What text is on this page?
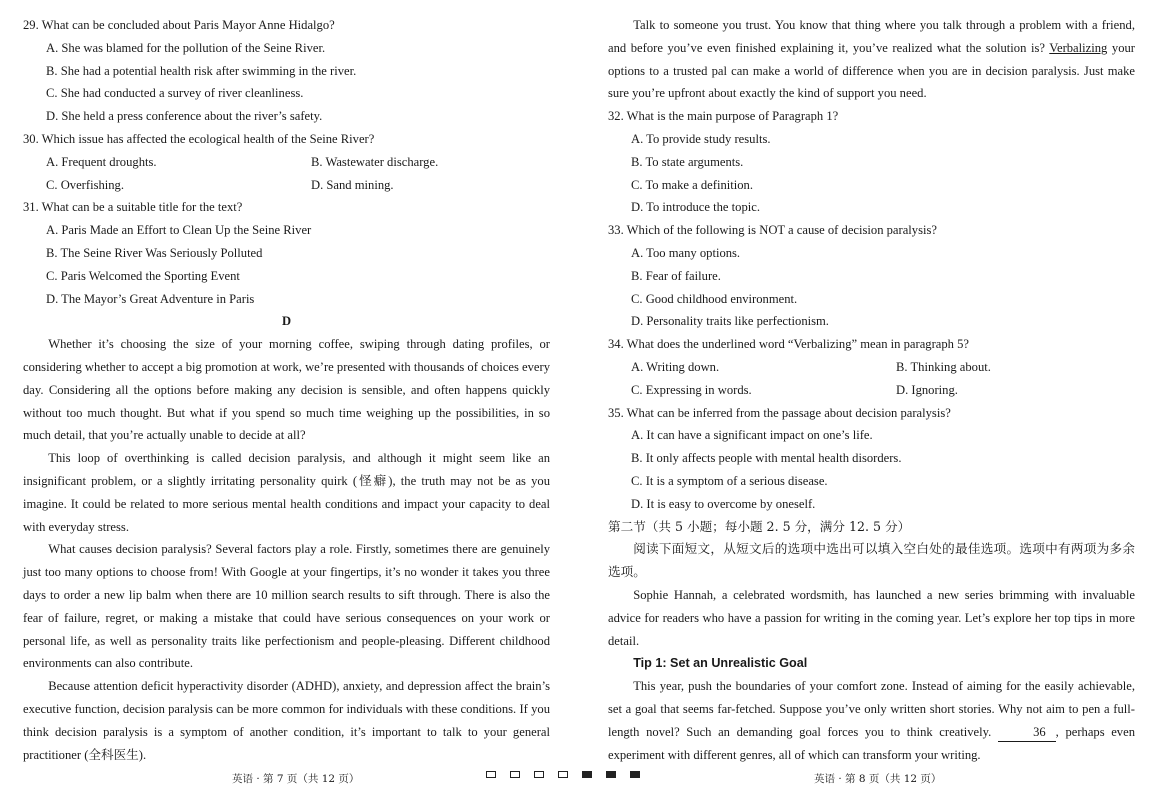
29. What can be concluded about Paris Mayor Anne Hidalgo?

A. She was blamed for the pollution of the Seine River.

B. She had a potential health risk after swimming in the river.

C. She had conducted a survey of river cleanliness.

D. She held a press conference about the river’s safety.

30. Which issue has affected the ecological health of the Seine River?

A. Frequent droughts.	B. Wastewater discharge.
C. Overfishing.	D. Sand mining.

31. What can be a suitable title for the text?

A. Paris Made an Effort to Clean Up the Seine River

B. The Seine River Was Seriously Polluted

C. Paris Welcomed the Sporting Event

D. The Mayor’s Great Adventure in Paris

D

Whether it’s choosing the size of your morning coffee, swiping through dating profiles, or considering whether to accept a big promotion at work, we’re presented with thousands of choices every day. Considering all the options before making any decision is sensible, and often happens quickly without too much thought. But what if you spend so much time weighing up the possibilities, in so much detail, that you’re actually unable to decide at all?

This loop of overthinking is called decision paralysis, and although it might seem like an insignificant problem, or a slightly irritating personality quirk (怪癖), the truth may not be as you imagine. It could be related to more serious mental health conditions and impact your capacity to deal with everyday stress.

What causes decision paralysis? Several factors play a role. Firstly, sometimes there are genuinely just too many options to choose from! With Google at your fingertips, it’s no wonder it takes you three days to order a new lip balm when there are 10 million search results to sift through. There is also the fear of failure, regret, or making a mistake that could have serious consequences on your work or personal life, as well as personality traits like perfectionism and people-pleasing. Different childhood environments can also contribute.

Because attention deficit hyperactivity disorder (ADHD), anxiety, and depression affect the brain’s executive function, decision paralysis can be more common for individuals with these conditions. If you think decision paralysis is a symptom of another condition, it’s important to talk to your general practitioner (全科医生).

Talk to someone you trust. You know that thing where you talk through a problem with a friend, and before you’ve even finished explaining it, you’ve realized what the solution is? Verbalizing your options to a trusted pal can make a world of difference when you are in decision paralysis. Just make sure you’re upfront about exactly the kind of support you need.

32. What is the main purpose of Paragraph 1?

A. To provide study results.

B. To state arguments.

C. To make a definition.

D. To introduce the topic.

33. Which of the following is NOT a cause of decision paralysis?

A. Too many options.

B. Fear of failure.

C. Good childhood environment.

D. Personality traits like perfectionism.

34. What does the underlined word “Verbalizing” mean in paragraph 5?

A. Writing down.	B. Thinking about.
C. Expressing in words.	D. Ignoring.

35. What can be inferred from the passage about decision paralysis?

A. It can have a significant impact on one’s life.

B. It only affects people with mental health disorders.

C. It is a symptom of a serious disease.

D. It is easy to overcome by oneself.

第二节（共 5 小题；每小题 2. 5 分，满分 12. 5 分）

阅读下面短文，从短文后的选项中选出可以填入空白处的最佳选项。选项中有两项为多余选项。

Sophie Hannah, a celebrated wordsmith, has launched a new series brimming with invaluable advice for readers who have a passion for writing in the coming year. Let’s explore her top tips in more detail.

Tip 1: Set an Unrealistic Goal

This year, push the boundaries of your comfort zone. Instead of aiming for the easily achievable, set a goal that seems far-fetched. Suppose you’ve only written short stories. Why not aim to pen a full-length novel? Such an demanding goal forces you to think creatively.	36 , perhaps even experiment with different genres, all of which can transform your writing.

英语 · 第 7 页（共 12 页）	英语 · 第 8 页（共 12 页）
